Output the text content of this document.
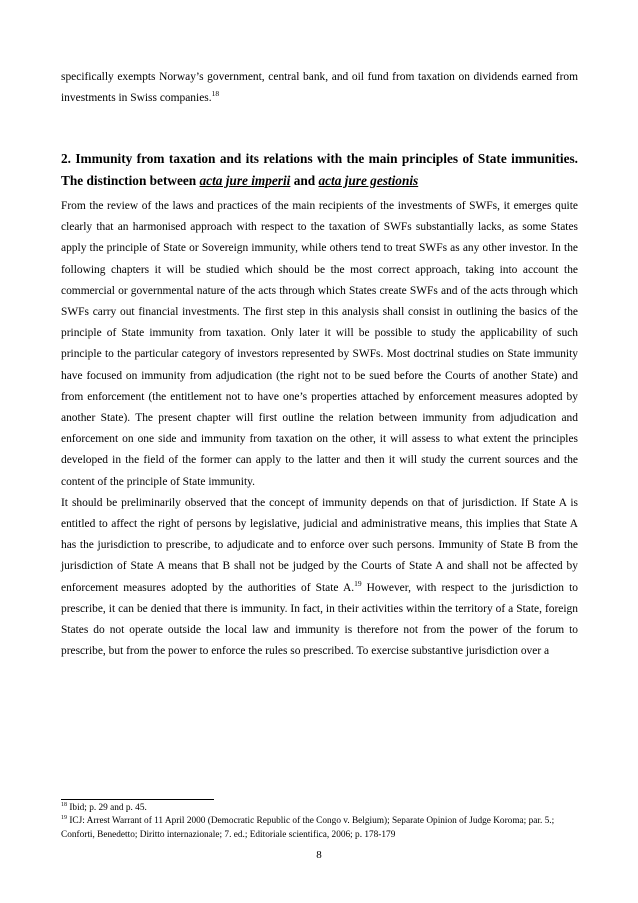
specifically exempts Norway’s government, central bank, and oil fund from taxation on dividends earned from investments in Swiss companies.$^{18}$

2. Immunity from taxation and its relations with the main principles of State immunities. The distinction between acta jure imperii and acta jure gestionis

From the review of the laws and practices of the main recipients of the investments of SWFs, it emerges quite clearly that an harmonised approach with respect to the taxation of SWFs substantially lacks, as some States apply the principle of State or Sovereign immunity, while others tend to treat SWFs as any other investor. In the following chapters it will be studied which should be the most correct approach, taking into account the commercial or governmental nature of the acts through which States create SWFs and of the acts through which SWFs carry out financial investments. The first step in this analysis shall consist in outlining the basics of the principle of State immunity from taxation. Only later it will be possible to study the applicability of such principle to the particular category of investors represented by SWFs. Most doctrinal studies on State immunity have focused on immunity from adjudication (the right not to be sued before the Courts of another State) and from enforcement (the entitlement not to have one’s properties attached by enforcement measures adopted by another State). The present chapter will first outline the relation between immunity from adjudication and enforcement on one side and immunity from taxation on the other, it will assess to what extent the principles developed in the field of the former can apply to the latter and then it will study the current sources and the content of the principle of State immunity.

It should be preliminarily observed that the concept of immunity depends on that of jurisdiction. If State A is entitled to affect the right of persons by legislative, judicial and administrative means, this implies that State A has the jurisdiction to prescribe, to adjudicate and to enforce over such persons. Immunity of State B from the jurisdiction of State A means that B shall not be judged by the Courts of State A and shall not be affected by enforcement measures adopted by the authorities of State A.$^{19}$ However, with respect to the jurisdiction to prescribe, it can be denied that there is immunity. In fact, in their activities within the territory of a State, foreign States do not operate outside the local law and immunity is therefore not from the power of the forum to prescribe, but from the power to enforce the rules so prescribed. To exercise substantive jurisdiction over a

$^{18}$ Ibid; p. 29 and p. 45.

$^{19}$ ICJ: Arrest Warrant of 11 April 2000 (Democratic Republic of the Congo v. Belgium); Separate Opinion of Judge Koroma; par. 5.; Conforti, Benedetto; Diritto internazionale; 7. ed.; Editoriale scientifica, 2006; p. 178-179

8
